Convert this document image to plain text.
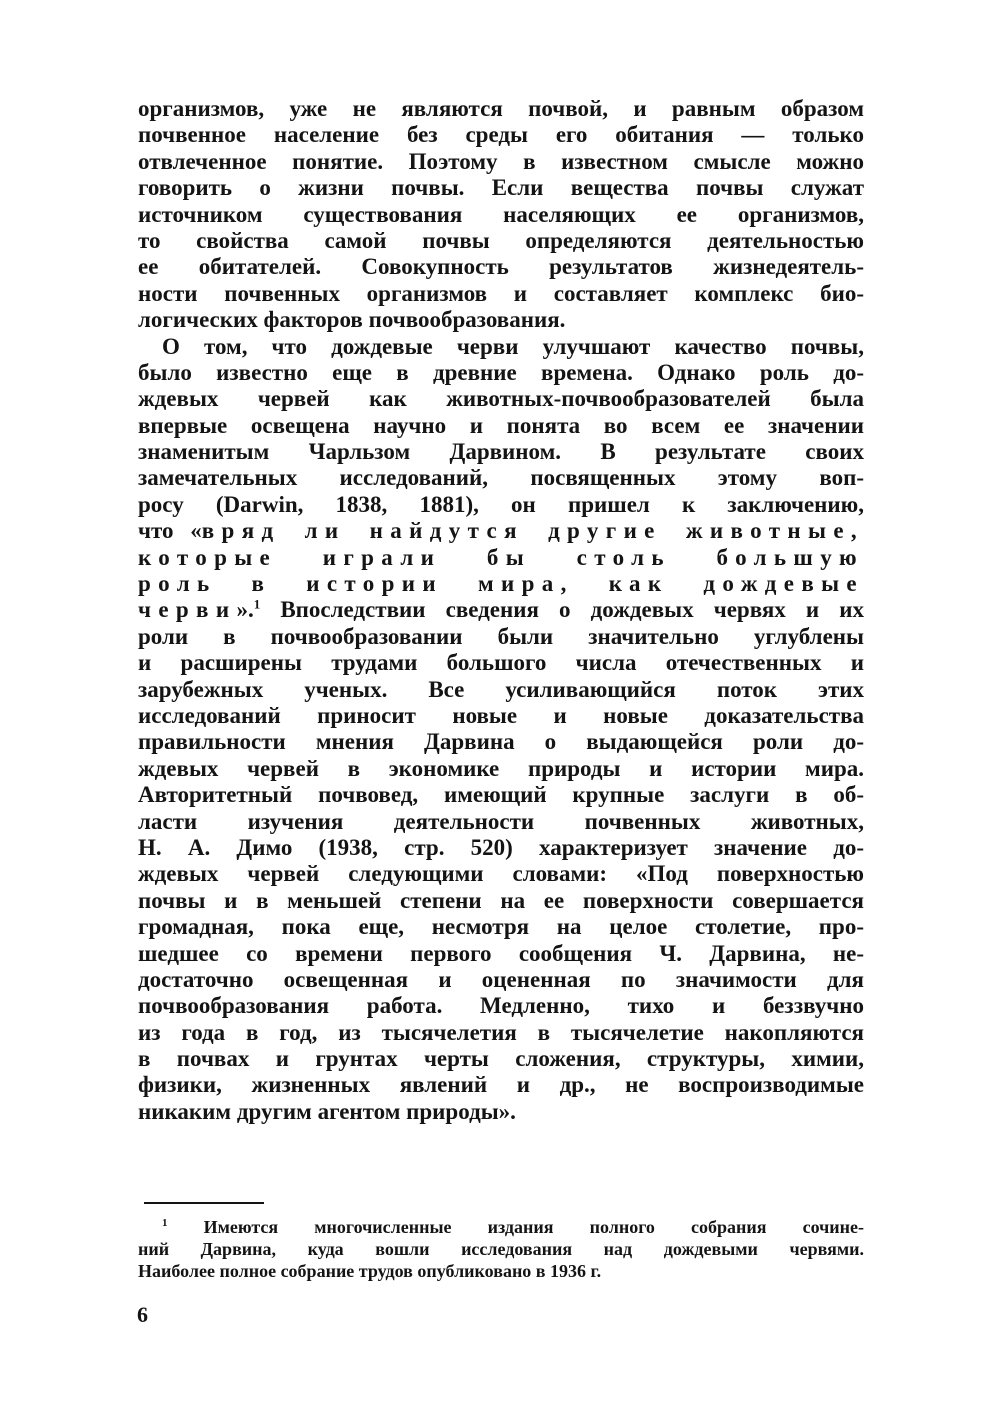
организмов, уже не являются почвой, и равным образом
почвенное население без среды его обитания — только
отвлеченное понятие. Поэтому в известном смысле можно
говорить о жизни почвы. Если вещества почвы служат
источником существования населяющих ее организмов,
то свойства самой почвы определяются деятельностью
ее обитателей. Совокупность результатов жизнедеятель-
ности почвенных организмов и составляет комплекс био-
логических факторов почвообразования.
О том, что дождевые черви улучшают качество почвы,
было известно еще в древние времена. Однако роль до-
ждевых червей как животных-почвообразователей была
впервые освещена научно и понята во всем ее значении
знаменитым Чарльзом Дарвином. В результате своих
замечательных исследований, посвященных этому воп-
росу (Darwin, 1838, 1881), он пришел к заключению,
что «вряд ли найдутся другие животные,
которые играли бы столь большую
роль в истории мира, как дождевые
черви».$^1$ Впоследствии сведения о дождевых червях и их
роли в почвообразовании были значительно углублены
и расширены трудами большого числа отечественных и
зарубежных ученых. Все усиливающийся поток этих
исследований приносит новые и новые доказательства
правильности мнения Дарвина о выдающейся роли до-
ждевых червей в экономике природы и истории мира.
Авторитетный почвовед, имеющий крупные заслуги в об-
ласти изучения деятельности почвенных животных,
Н. А. Димо (1938, стр. 520) характеризует значение до-
ждевых червей следующими словами: «Под поверхностью
почвы и в меньшей степени на ее поверхности совершается
громадная, пока еще, несмотря на целое столетие, про-
шедшее со времени первого сообщения Ч. Дарвина, не-
достаточно освещенная и оцененная по значимости для
почвообразования работа. Медленно, тихо и беззвучно
из года в год, из тысячелетия в тысячелетие накопляются
в почвах и грунтах черты сложения, структуры, химии,
физики, жизненных явлений и др., не воспроизводимые
никаким другим агентом природы».
$^1$ Имеются многочисленные издания полного собрания сочине-
ний Дарвина, куда вошли исследования над дождевыми червями.
Наиболее полное собрание трудов опубликовано в 1936 г.
6
